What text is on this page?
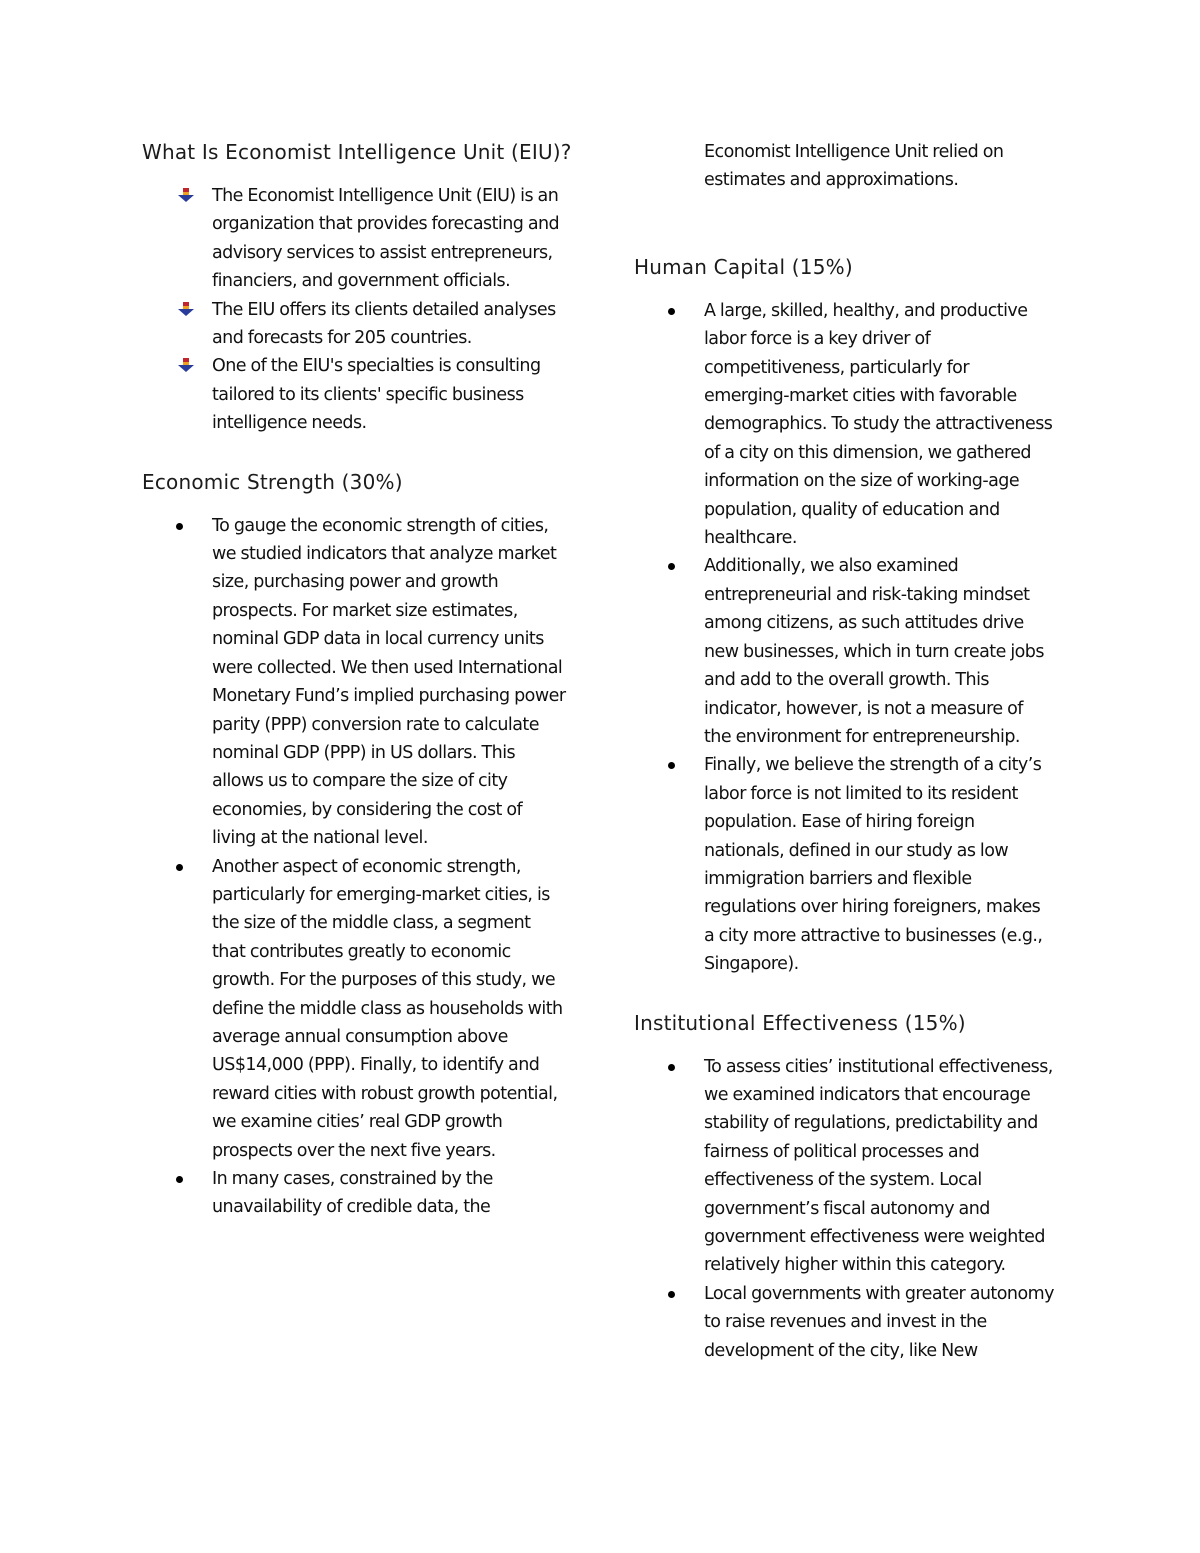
What Is Economist Intelligence Unit (EIU)?
The Economist Intelligence Unit (EIU) is an organization that provides forecasting and advisory services to assist entrepreneurs, financiers, and government officials.
The EIU offers its clients detailed analyses and forecasts for 205 countries.
One of the EIU's specialties is consulting tailored to its clients' specific business intelligence needs.
Economic Strength (30%)
To gauge the economic strength of cities, we studied indicators that analyze market size, purchasing power and growth prospects. For market size estimates, nominal GDP data in local currency units were collected. We then used International Monetary Fund’s implied purchasing power parity (PPP) conversion rate to calculate nominal GDP (PPP) in US dollars. This allows us to compare the size of city economies, by considering the cost of living at the national level.
Another aspect of economic strength, particularly for emerging-market cities, is the size of the middle class, a segment that contributes greatly to economic growth. For the purposes of this study, we define the middle class as households with average annual consumption above US$14,000 (PPP). Finally, to identify and reward cities with robust growth potential, we examine cities’ real GDP growth prospects over the next five years.
In many cases, constrained by the unavailability of credible data, the
Economist Intelligence Unit relied on estimates and approximations.
Human Capital (15%)
A large, skilled, healthy, and productive labor force is a key driver of competitiveness, particularly for emerging-market cities with favorable demographics. To study the attractiveness of a city on this dimension, we gathered information on the size of working-age population, quality of education and healthcare.
Additionally, we also examined entrepreneurial and risk-taking mindset among citizens, as such attitudes drive new businesses, which in turn create jobs and add to the overall growth. This indicator, however, is not a measure of the environment for entrepreneurship.
Finally, we believe the strength of a city’s labor force is not limited to its resident population. Ease of hiring foreign nationals, defined in our study as low immigration barriers and flexible regulations over hiring foreigners, makes a city more attractive to businesses (e.g., Singapore).
Institutional Effectiveness (15%)
To assess cities’ institutional effectiveness, we examined indicators that encourage stability of regulations, predictability and fairness of political processes and effectiveness of the system. Local government’s fiscal autonomy and government effectiveness were weighted relatively higher within this category.
Local governments with greater autonomy to raise revenues and invest in the development of the city, like New
